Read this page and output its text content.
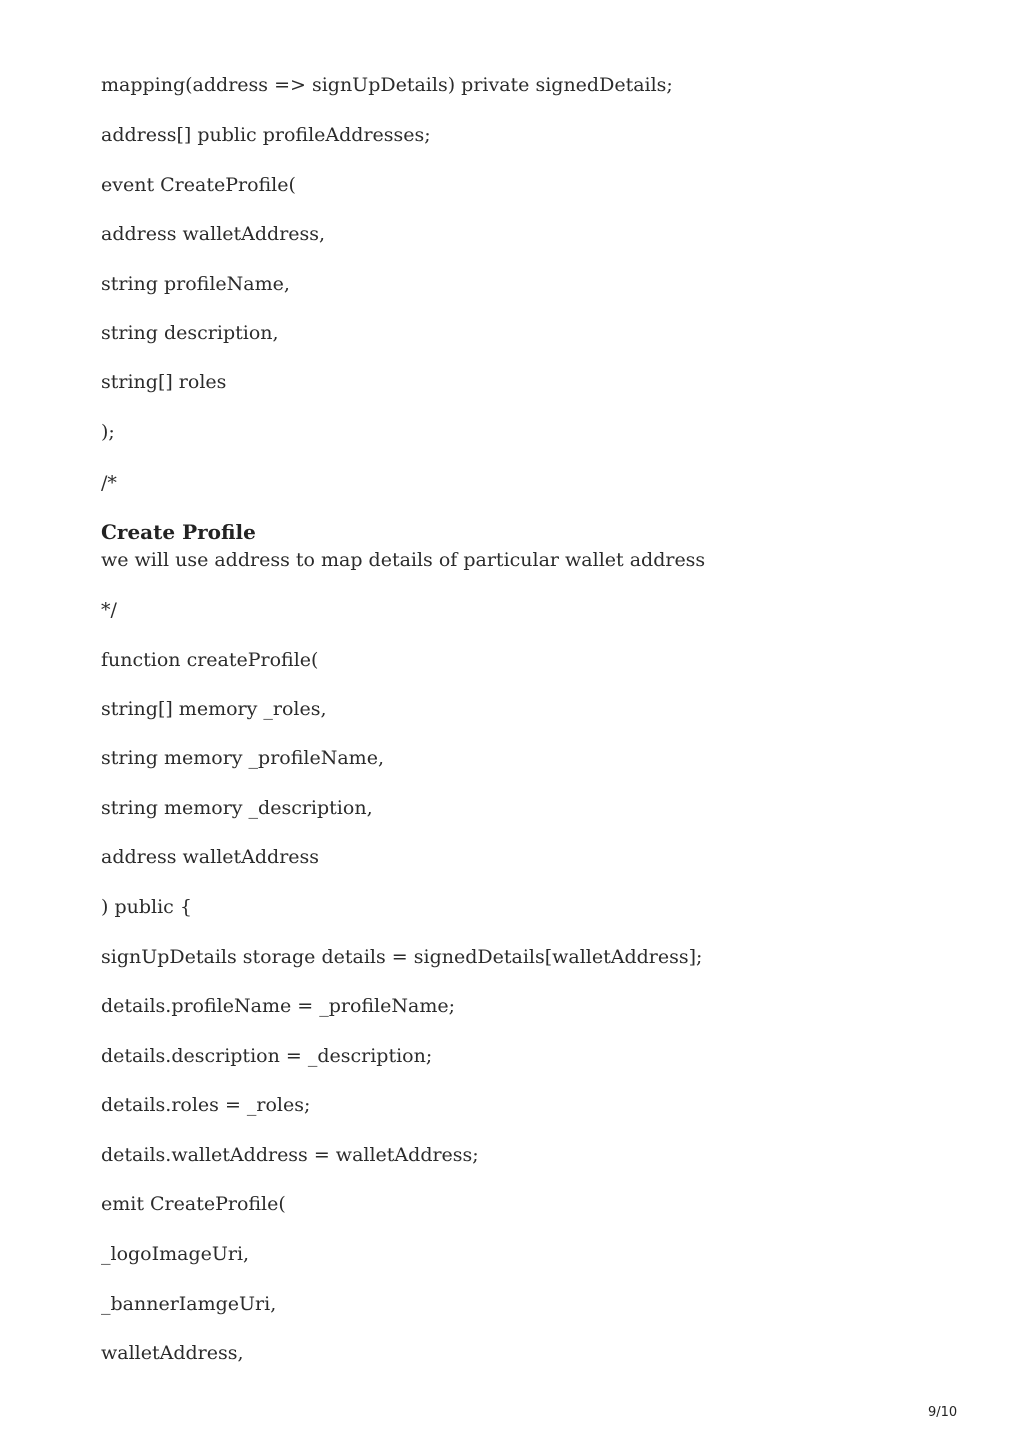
mapping(address => signUpDetails) private signedDetails;

address[] public profileAddresses;

event CreateProfile(

address walletAddress,

string profileName,

string description,

string[] roles

);

/*

Create Profile

we will use address to map details of particular wallet address

*/

function createProfile(

string[] memory _roles,

string memory _profileName,

string memory _description,

address walletAddress

) public {

signUpDetails storage details = signedDetails[walletAddress];

details.profileName = _profileName;

details.description = _description;

details.roles = _roles;

details.walletAddress = walletAddress;

emit CreateProfile(

_logoImageUri,

_bannerIamgeUri,

walletAddress,

9/10
